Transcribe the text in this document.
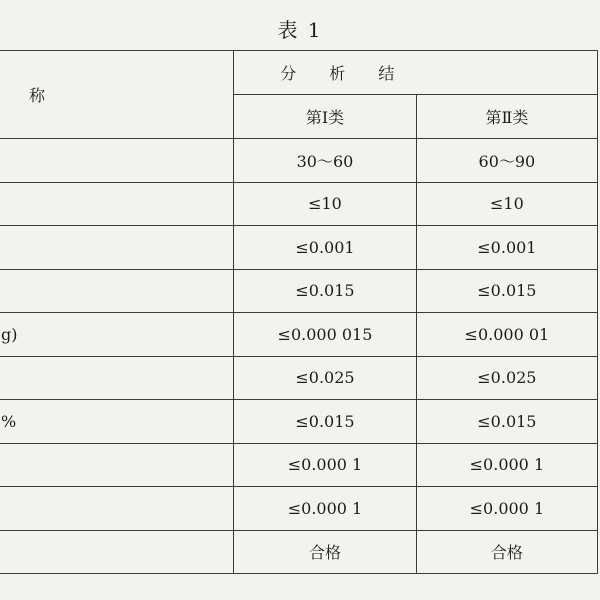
表 1
称	分 析 结	
	第Ⅰ类	第Ⅱ类
	30～60	60～90
	≤10	≤10
	≤0.001	≤0.001
	≤0.015	≤0.015
g)	≤0.000 015	≤0.000 01
	≤0.025	≤0.025
%	≤0.015	≤0.015
	≤0.000 1	≤0.000 1
	≤0.000 1	≤0.000 1
	合格	合格
